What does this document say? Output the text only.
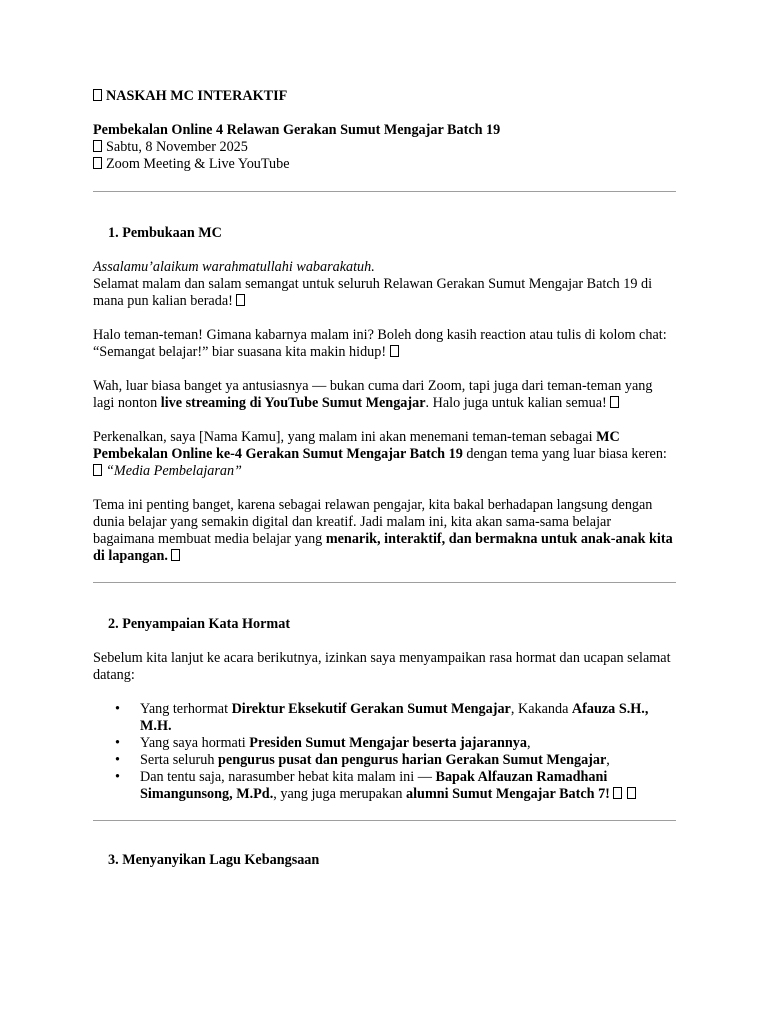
NASKAH MC INTERAKTIF

Pembekalan Online 4 Relawan Gerakan Sumut Mengajar Batch 19

Sabtu, 8 November 2025

Zoom Meeting & Live YouTube

1. Pembukaan MC

Assalamu’alaikum warahmatullahi wabarakatuh.
Selamat malam dan salam semangat untuk seluruh Relawan Gerakan Sumut Mengajar Batch 19 di mana pun kalian berada!

Halo teman-teman! Gimana kabarnya malam ini? Boleh dong kasih reaction atau tulis di kolom chat: “Semangat belajar!” biar suasana kita makin hidup!

Wah, luar biasa banget ya antusiasnya — bukan cuma dari Zoom, tapi juga dari teman-teman yang lagi nonton live streaming di YouTube Sumut Mengajar. Halo juga untuk kalian semua!

Perkenalkan, saya [Nama Kamu], yang malam ini akan menemani teman-teman sebagai MC Pembekalan Online ke-4 Gerakan Sumut Mengajar Batch 19 dengan tema yang luar biasa keren:
“Media Pembelajaran”

Tema ini penting banget, karena sebagai relawan pengajar, kita bakal berhadapan langsung dengan dunia belajar yang semakin digital dan kreatif. Jadi malam ini, kita akan sama-sama belajar bagaimana membuat media belajar yang menarik, interaktif, dan bermakna untuk anak-anak kita di lapangan.

2. Penyampaian Kata Hormat

Sebelum kita lanjut ke acara berikutnya, izinkan saya menyampaikan rasa hormat dan ucapan selamat datang:

• Yang terhormat Direktur Eksekutif Gerakan Sumut Mengajar, Kakanda Afauza S.H., M.H.
• Yang saya hormati Presiden Sumut Mengajar beserta jajarannya,
• Serta seluruh pengurus pusat dan pengurus harian Gerakan Sumut Mengajar,
• Dan tentu saja, narasumber hebat kita malam ini — Bapak Alfauzan Ramadhani Simangunsong, M.Pd., yang juga merupakan alumni Sumut Mengajar Batch 7!

3. Menyanyikan Lagu Kebangsaan
